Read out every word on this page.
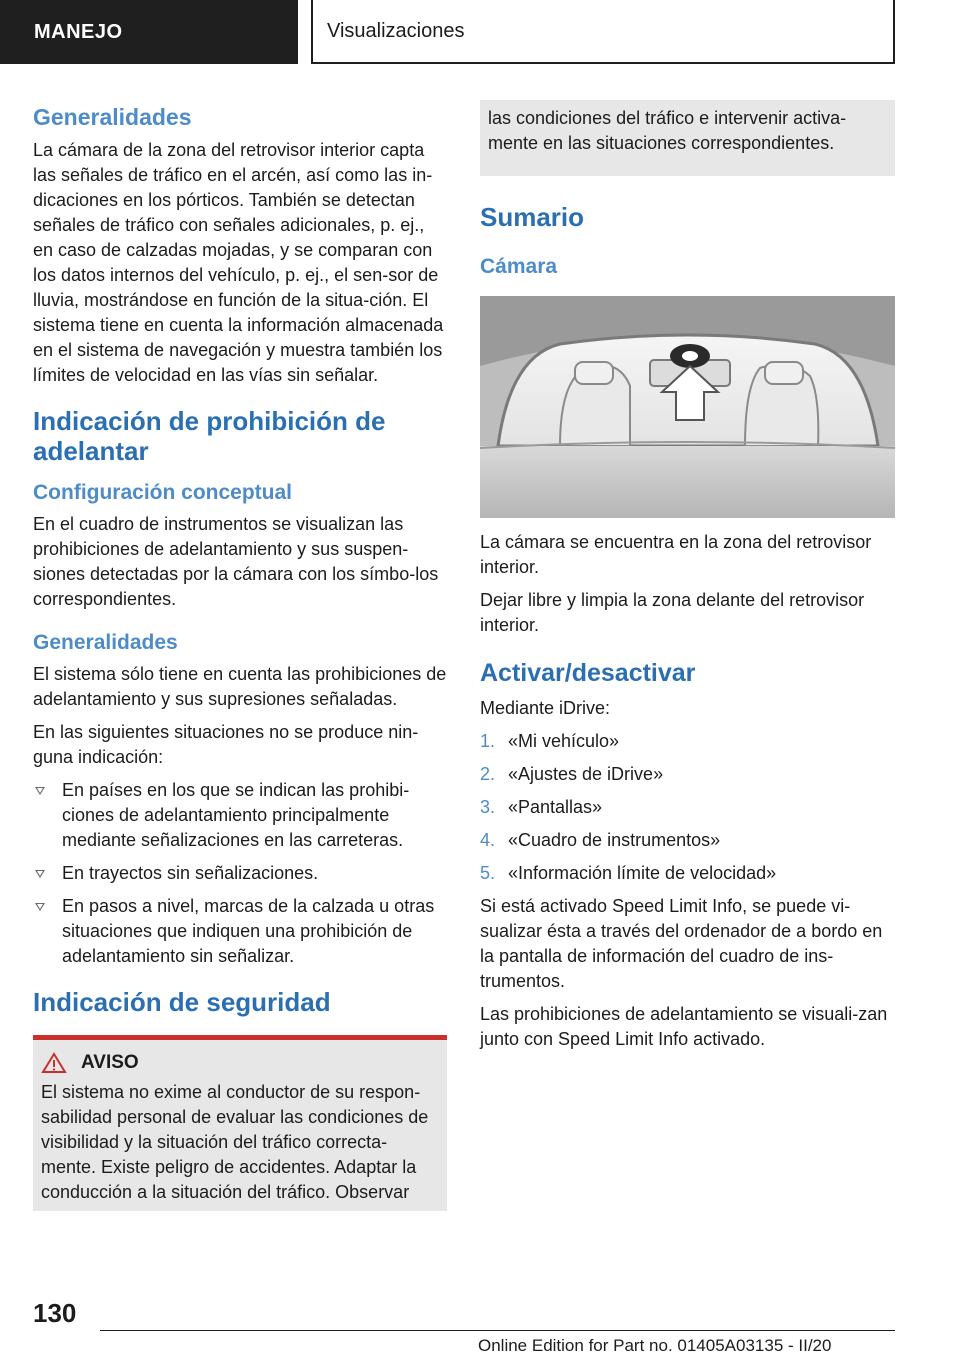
MANEJO	Visualizaciones
Generalidades

La cámara de la zona del retrovisor interior capta las señales de tráfico en el arcén, así como las in-dicaciones en los pórticos. También se detectan señales de tráfico con señales adicionales, p. ej., en caso de calzadas mojadas, y se comparan con los datos internos del vehículo, p. ej., el sen-sor de lluvia, mostrándose en función de la situa-ción. El sistema tiene en cuenta la información almacenada en el sistema de navegación y muestra también los límites de velocidad en las vías sin señalar.

Indicación de prohibición de adelantar
Configuración conceptual

En el cuadro de instrumentos se visualizan las prohibiciones de adelantamiento y sus suspen-siones detectadas por la cámara con los símbo-los correspondientes.

Generalidades

El sistema sólo tiene en cuenta las prohibiciones de adelantamiento y sus supresiones señaladas.

En las siguientes situaciones no se produce nin-guna indicación:

En países en los que se indican las prohibi-ciones de adelantamiento principalmente mediante señalizaciones en las carreteras.
En trayectos sin señalizaciones.
En pasos a nivel, marcas de la calzada u otras situaciones que indiquen una prohibición de adelantamiento sin señalizar.
Indicación de seguridad
AVISO

El sistema no exime al conductor de su respon-sabilidad personal de evaluar las condiciones de visibilidad y la situación del tráfico correcta-mente. Existe peligro de accidentes. Adaptar la conducción a la situación del tráfico. Observar

las condiciones del tráfico e intervenir activa-mente en las situaciones correspondientes.

Sumario
Cámara

La cámara se encuentra en la zona del retrovisor interior.

Dejar libre y limpia la zona delante del retrovisor interior.

Activar/desactivar

Mediante iDrive:

1. «Mi vehículo»
2. «Ajustes de iDrive»
3. «Pantallas»
4. «Cuadro de instrumentos»
5. «Información límite de velocidad»

Si está activado Speed Limit Info, se puede vi-sualizar ésta a través del ordenador de a bordo en la pantalla de información del cuadro de ins-trumentos.

Las prohibiciones de adelantamiento se visuali-zan junto con Speed Limit Info activado.

130
Online Edition for Part no. 01405A03135 - II/20
